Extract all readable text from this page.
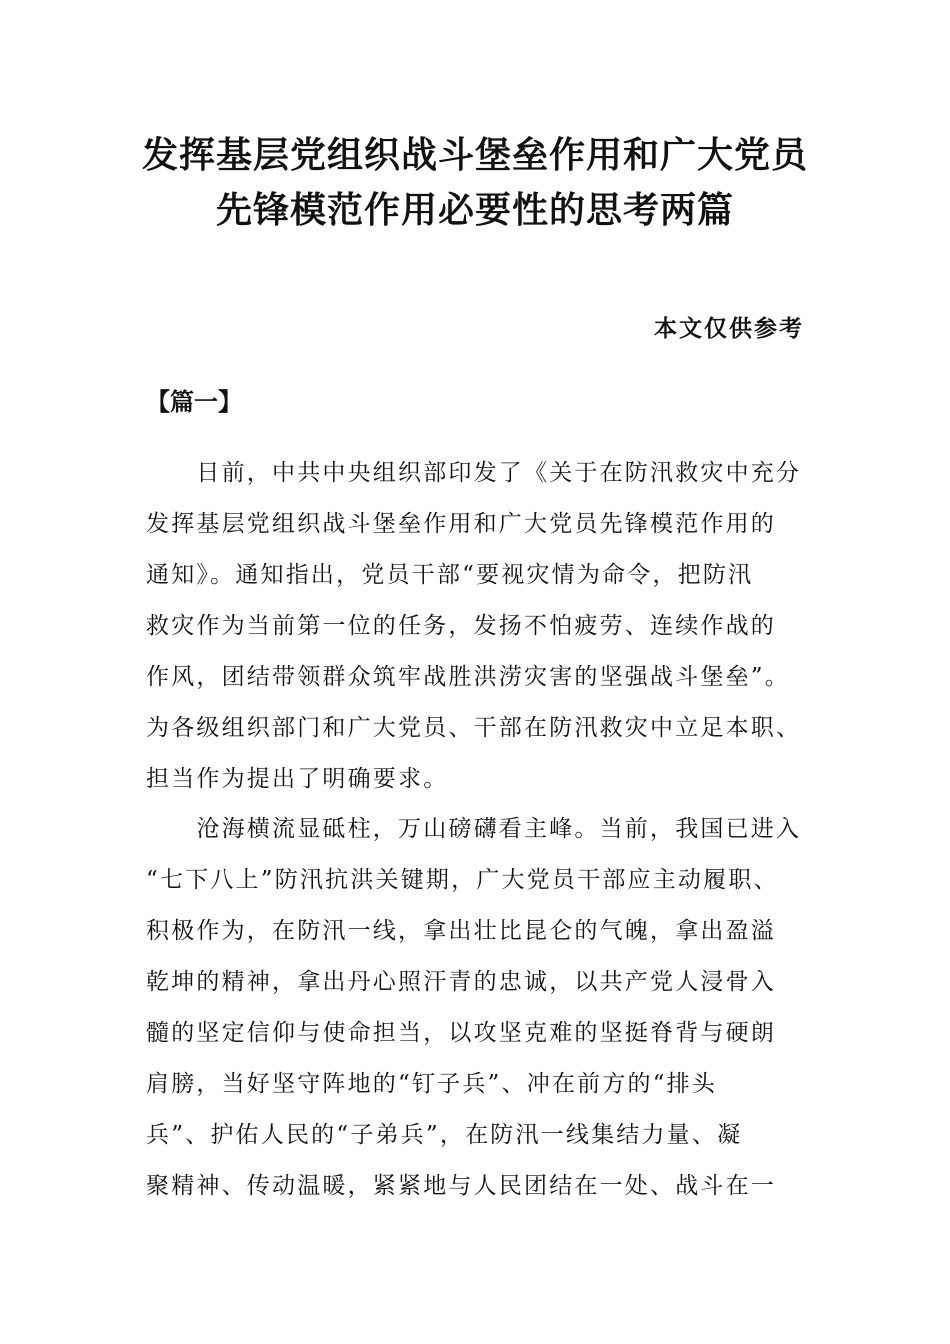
发挥基层党组织战斗堡垒作用和广大党员
先锋模范作用必要性的思考两篇
本文仅供参考
【篇一】
　　日前，中共中央组织部印发了《关于在防汛救灾中充分
发挥基层党组织战斗堡垒作用和广大党员先锋模范作用的
通知》。通知指出，党员干部“要视灾情为命令，把防汛
救灾作为当前第一位的任务，发扬不怕疲劳、连续作战的
作风，团结带领群众筑牢战胜洪涝灾害的坚强战斗堡垒”。
为各级组织部门和广大党员、干部在防汛救灾中立足本职、
担当作为提出了明确要求。
　　沧海横流显砥柱，万山磅礴看主峰。当前，我国已进入
“七下八上”防汛抗洪关键期，广大党员干部应主动履职、
积极作为，在防汛一线，拿出壮比昆仑的气魄，拿出盈溢
乾坤的精神，拿出丹心照汗青的忠诚，以共产党人浸骨入
髓的坚定信仰与使命担当，以攻坚克难的坚挺脊背与硬朗
肩膀，当好坚守阵地的“钉子兵”、冲在前方的“排头
兵”、护佑人民的“子弟兵”，在防汛一线集结力量、凝
聚精神、传动温暖，紧紧地与人民团结在一处、战斗在一
